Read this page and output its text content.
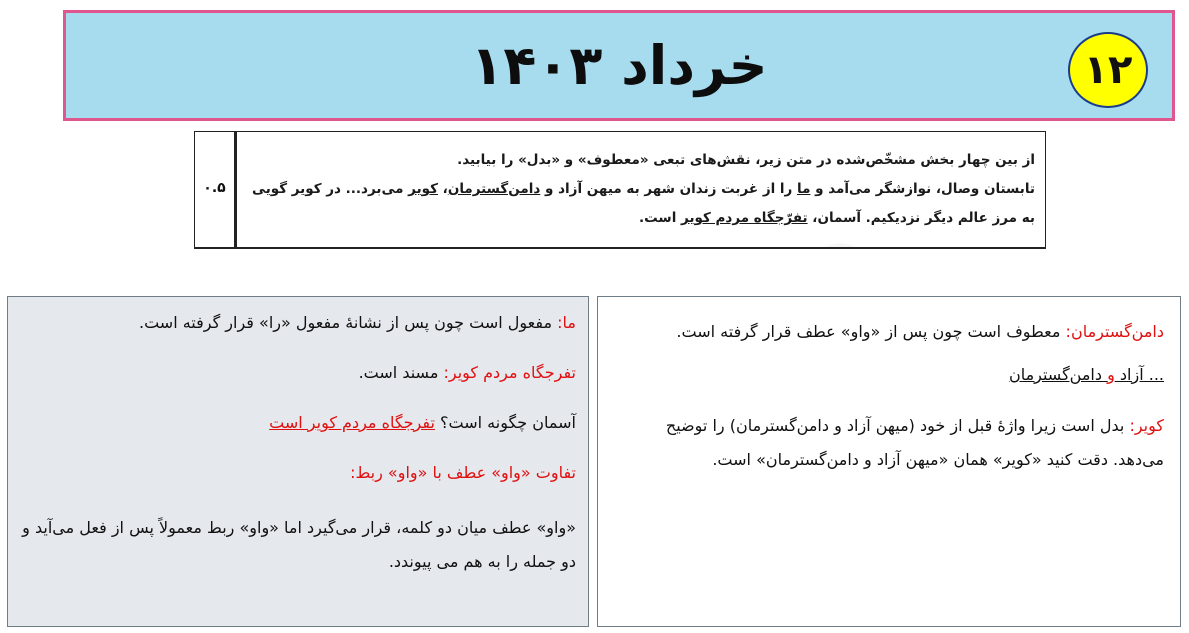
خرداد ۱۴۰۳	۱۲
۰.۵

از بین چهار بخش مشخّص‌شده در متن زیر، نقش‌های تبعی «معطوف» و «بدل» را بیابید.

تابستان وصال، نوازشگر می‌آمد و ما را از غربت زندان شهر به میهن آزاد و دامن‌گسترمان، کویر می‌برد... در کویر گویی

به مرز عالم دیگر نزدیکیم. آسمان، تفرّجگاه مردم کویر است.

دامن‌گسترمان: معطوف است چون پس از «واو» عطف قرار گرفته است.

... آزاد و دامن‌گسترمان

کویر: بدل است زیرا واژهٔ قبل از خود (میهن آزاد و دامن‌گسترمان) را توضیح می‌دهد. دقت کنید «کویر» همان «میهن آزاد و دامن‌گسترمان» است.

ما: مفعول است چون پس از نشانهٔ مفعول «را» قرار گرفته است.

تفرجگاه مردم کویر: مسند است.

آسمان چگونه است؟ تفرجگاه مردم کویر است

تفاوت «واو» عطف با «واو» ربط:

«واو» عطف میان دو کلمه، قرار می‌گیرد اما «واو» ربط معمولاً پس از فعل می‌آید و دو جمله را به هم می پیوندد.
